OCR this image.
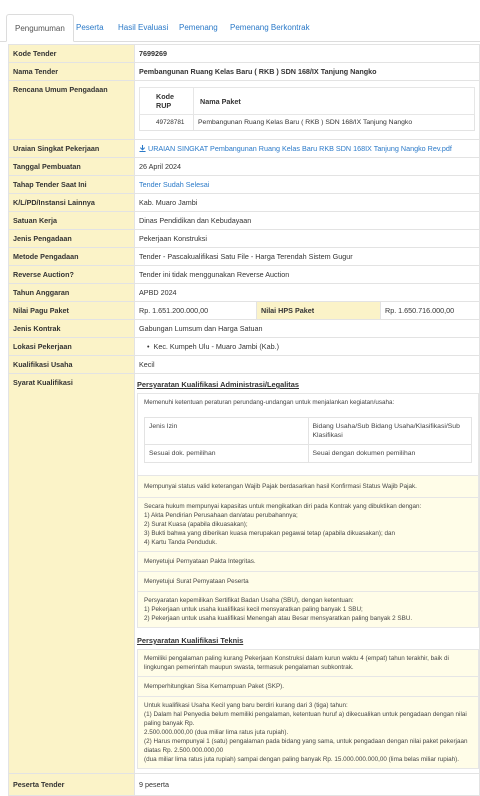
Pengumuman	Peserta	Hasil Evaluasi	Pemenang	Pemenang Berkontrak
Kode Tender	7699269
Nama Tender	Pembangunan Ruang Kelas Baru ( RKB ) SDN 168/IX Tanjung Nangko
Rencana Umum Pengadaan	
Kode RUP	Nama Paket
49728781	Pembangunan Ruang Kelas Baru ( RKB ) SDN 168/IX Tanjung Nangko

Uraian Singkat Pekerjaan	URAIAN SINGKAT Pembangunan Ruang Kelas Baru RKB SDN 168IX Tanjung Nangko Rev.pdf
Tanggal Pembuatan	26 April 2024
Tahap Tender Saat Ini	Tender Sudah Selesai
K/L/PD/Instansi Lainnya	Kab. Muaro Jambi
Satuan Kerja	Dinas Pendidikan dan Kebudayaan
Jenis Pengadaan	Pekerjaan Konstruksi
Metode Pengadaan	Tender - Pascakualifikasi Satu File - Harga Terendah Sistem Gugur
Reverse Auction?	Tender ini tidak menggunakan Reverse Auction
Tahun Anggaran	APBD 2024
Nilai Pagu Paket	Rp. 1.651.200.000,00	Nilai HPS Paket	Rp. 1.650.716.000,00
Jenis Kontrak	Gabungan Lumsum dan Harga Satuan
Lokasi Pekerjaan	
•Kec. Kumpeh Ulu - Muaro Jambi (Kab.)

Kualifikasi Usaha	Kecil
Syarat Kualifikasi	Persyaratan Kualifikasi Administrasi/Legalitas
Memenuhi ketentuan peraturan perundang-undangan untuk menjalankan kegiatan/usaha:
Jenis Izin	Bidang Usaha/Sub Bidang Usaha/Klasifikasi/Sub Klasifikasi
Sesuai dok. pemilihan	Seuai dengan dokumen pemilihan
Mempunyai status valid keterangan Wajib Pajak berdasarkan hasil Konfirmasi Status Wajib Pajak.
Secara hukum mempunyai kapasitas untuk mengikatkan diri pada Kontrak yang dibuktikan dengan:
1) Akta Pendirian Perusahaan dan/atau perubahannya;
2) Surat Kuasa (apabila dikuasakan);
3) Bukti bahwa yang diberikan kuasa merupakan pegawai tetap (apabila dikuasakan); dan
4) Kartu Tanda Penduduk.
Menyetujui Pernyataan Pakta Integritas.
Menyetujui Surat Pernyataan Peserta
Persyaratan kepemilikan Sertifikat Badan Usaha (SBU), dengan ketentuan:
1) Pekerjaan untuk usaha kualifikasi kecil mensyaratkan paling banyak 1 SBU;
2) Pekerjaan untuk usaha kualifikasi Menengah atau Besar mensyaratkan paling banyak 2 SBU.
Persyaratan Kualifikasi Teknis
Memiliki pengalaman paling kurang Pekerjaan Konstruksi dalam kurun waktu 4 (empat) tahun terakhir, baik di lingkungan pemerintah maupun swasta, termasuk pengalaman subkontrak.
Memperhitungkan Sisa Kemampuan Paket (SKP).
Untuk kualifikasi Usaha Kecil yang baru berdiri kurang dari 3 (tiga) tahun:
(1) Dalam hal Penyedia belum memiliki pengalaman, ketentuan huruf a) dikecualikan untuk pengadaan dengan nilai paling banyak Rp.
2.500.000.000,00 (dua miliar lima ratus juta rupiah).
(2) Harus mempunyai 1 (satu) pengalaman pada bidang yang sama, untuk pengadaan dengan nilai paket pekerjaan diatas Rp. 2.500.000.000,00
(dua miliar lima ratus juta rupiah) sampai dengan paling banyak Rp. 15.000.000.000,00 (lima belas miliar rupiah).

Peserta Tender	9 peserta
